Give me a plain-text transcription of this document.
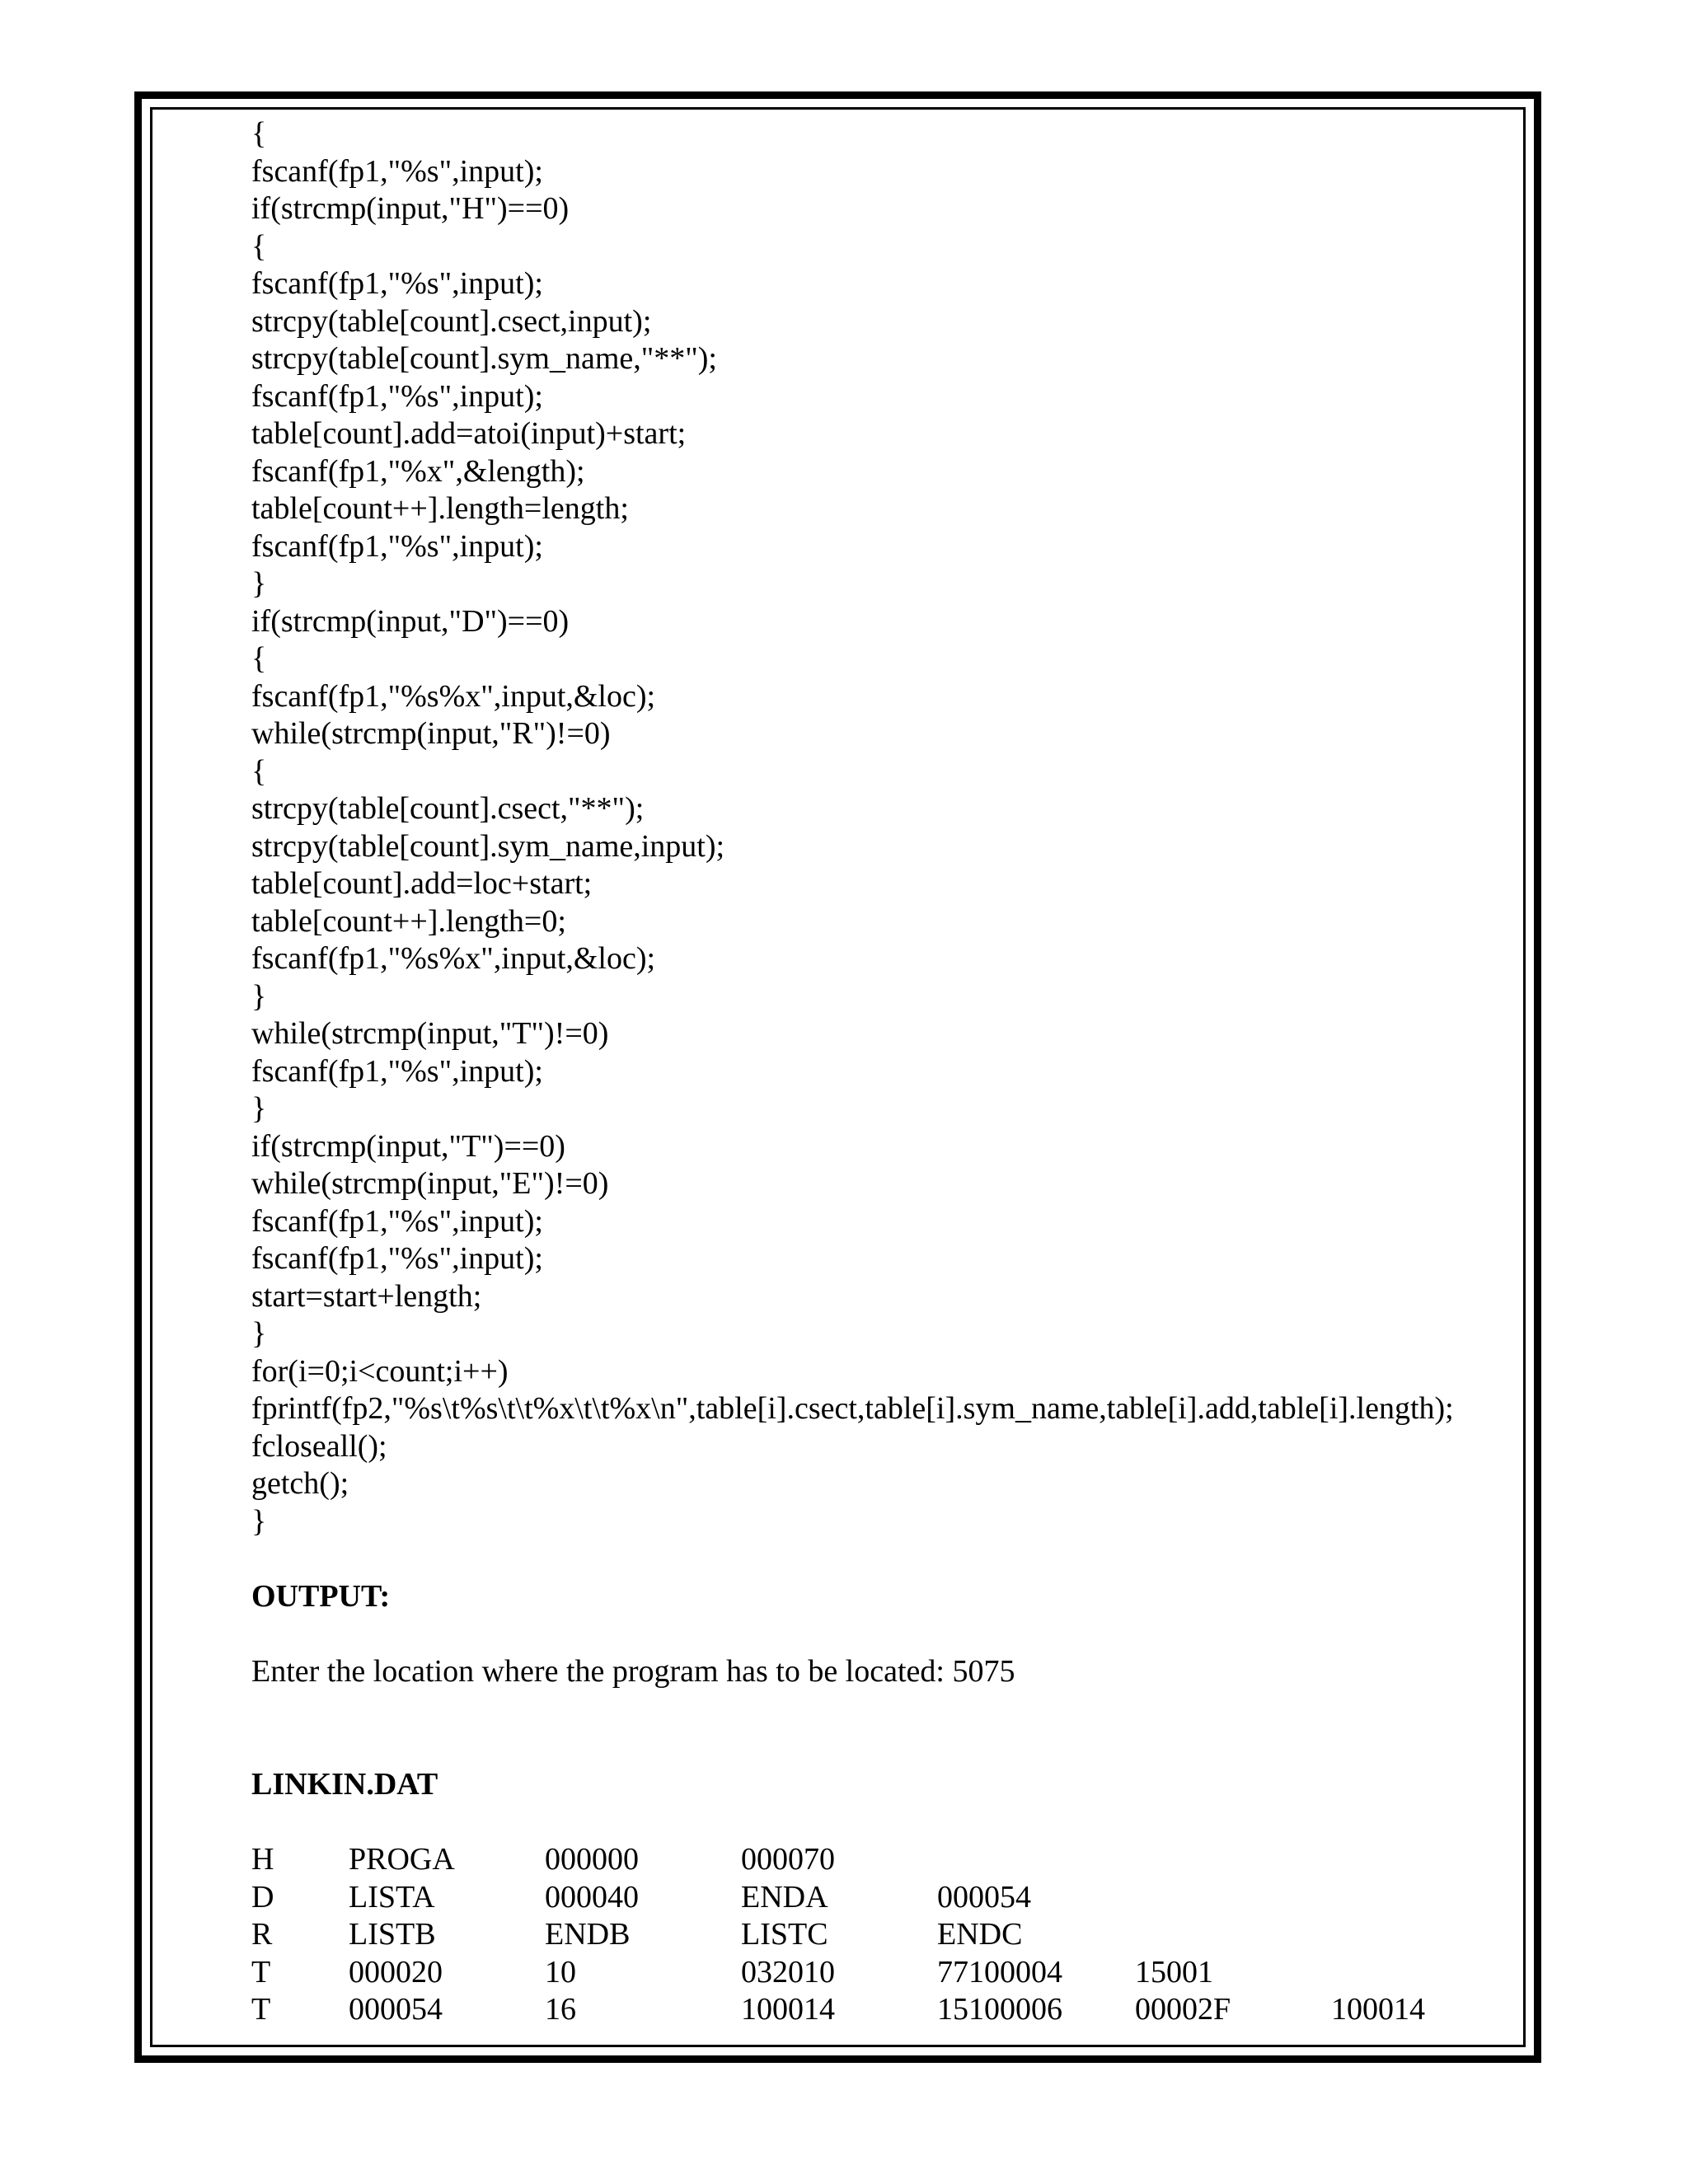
{
fscanf(fp1,"%s",input);
if(strcmp(input,"H")==0)
{
fscanf(fp1,"%s",input);
strcpy(table[count].csect,input);
strcpy(table[count].sym_name,"**");
fscanf(fp1,"%s",input);
table[count].add=atoi(input)+start;
fscanf(fp1,"%x",&length);
table[count++].length=length;
fscanf(fp1,"%s",input);
}
if(strcmp(input,"D")==0)
{
fscanf(fp1,"%s%x",input,&loc);
while(strcmp(input,"R")!=0)
{
strcpy(table[count].csect,"**");
strcpy(table[count].sym_name,input);
table[count].add=loc+start;
table[count++].length=0;
fscanf(fp1,"%s%x",input,&loc);
}
while(strcmp(input,"T")!=0)
fscanf(fp1,"%s",input);
}
if(strcmp(input,"T")==0)
while(strcmp(input,"E")!=0)
fscanf(fp1,"%s",input);
fscanf(fp1,"%s",input);
start=start+length;
}
for(i=0;i<count;i++)
fprintf(fp2,"%s\t%s\t\t%x\t\t%x\n",table[i].csect,table[i].sym_name,table[i].add,table[i].length);
fcloseall();
getch();
}
OUTPUT:
Enter the location where the program has to be located: 5075
LINKIN.DAT
H	PROGA	000000	000070			
D	LISTA	000040	ENDA	000054		
R	LISTB	ENDB	LISTC	ENDC		
T	000020	10	032010	77100004	15001	
T	000054	16	100014	15100006	00002F	100014
